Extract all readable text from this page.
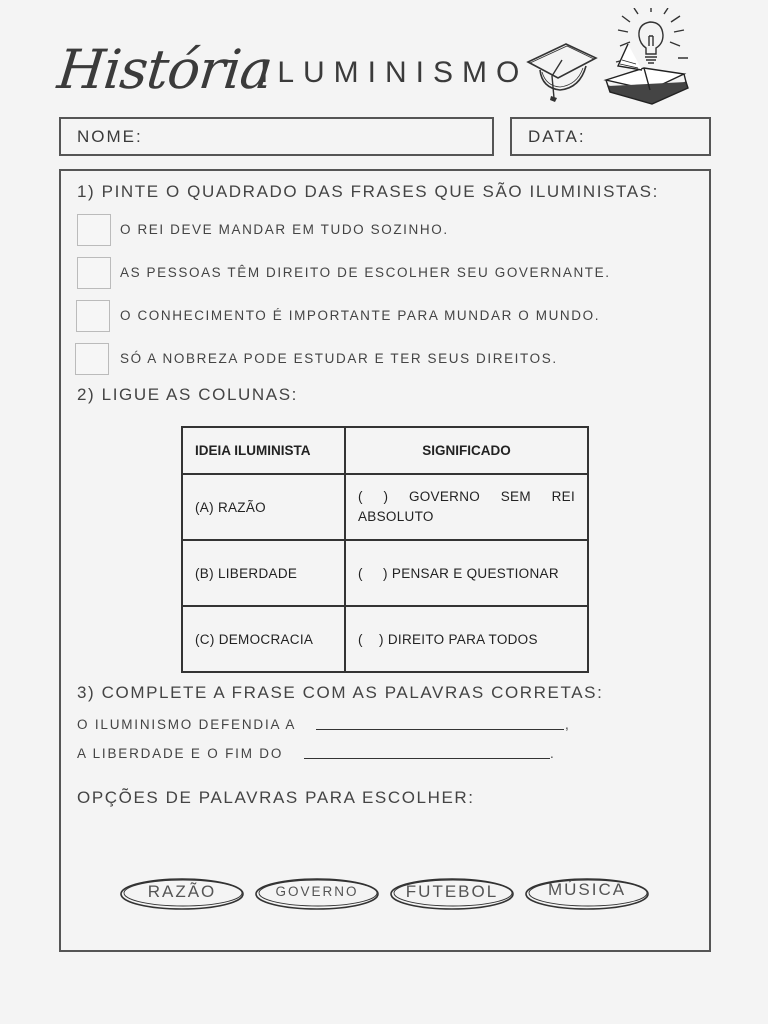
História
ILUMINISMO
NOME:	DATA:
1) PINTE O QUADRADO DAS FRASES QUE SÃO ILUMINISTAS:
O REI DEVE MANDAR EM TUDO SOZINHO.
AS PESSOAS TÊM DIREITO DE ESCOLHER SEU GOVERNANTE.
O CONHECIMENTO É IMPORTANTE PARA MUNDAR O MUNDO.
SÓ A NOBREZA PODE ESTUDAR E TER SEUS DIREITOS.
2) LIGUE AS COLUNAS:
IDEIA ILUMINISTA	SIGNIFICADO
(A) RAZÃO	( ) GOVERNO SEM REI ABSOLUTO
(B) LIBERDADE	(     ) PENSAR E QUESTIONAR
(C) DEMOCRACIA	(    ) DIREITO PARA TODOS
3) COMPLETE A FRASE COM AS PALAVRAS CORRETAS:
O ILUMINISMO DEFENDIA A	,
A LIBERDADE E O FIM DO	.
OPÇÕES DE PALAVRAS PARA ESCOLHER:
RAZÃO	GOVERNO	FUTEBOL	MÚSICA
